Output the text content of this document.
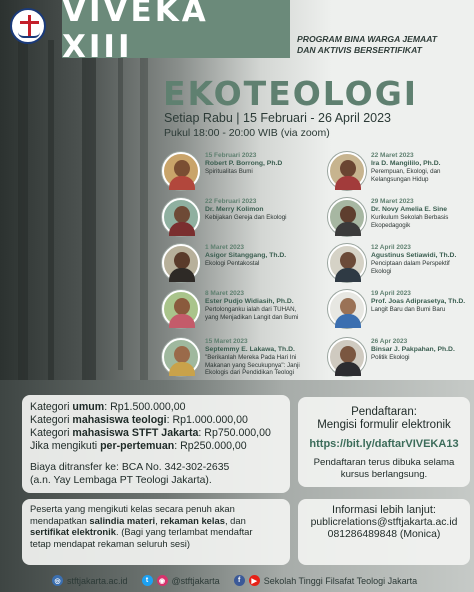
VIVEKA XIII	PROGRAM BINA WARGA JEMAAT
DAN AKTIVIS BERSERTIFIKAT
EKOTEOLOGI
Setiap Rabu | 15 Februari - 26 April 2023
Pukul 18:00 - 20:00 WIB (via zoom)
15 Februari 2023
Robert P. Borrong, Ph.D
Spiritualitas Bumi
22 Februari 2023
Dr. Merry Kolimon
Kebijakan Gereja dan Ekologi
1 Maret 2023
Asigor Sitanggang, Th.D.
Ekologi Pentakostal
8 Maret 2023
Ester Pudjo Widiasih, Ph.D.
Pertolonganku ialah dari TUHAN,
yang Menjadikan Langit dan Bumi
15 Maret 2023
Septemmy E. Lakawa, Th.D.
"Berikanlah Mereka Pada Hari Ini
Makanan yang Secukupnya": Janji
Ekologis dari Pendidikan Teologi
22 Maret 2023
Ira D. Mangililo, Ph.D.
Perempuan, Ekologi, dan
Kelangsungan Hidup
29 Maret 2023
Dr. Novy Amelia E. Sine
Kurikulum Sekolah Berbasis
Ekopedagogik
12 April 2023
Agustinus Setiawidi, Th.D.
Penciptaan dalam Perspektif
Ekologi
19 April 2023
Prof. Joas Adiprasetya, Th.D.
Langit Baru dan Bumi Baru
26 Apr 2023
Binsar J. Pakpahan, Ph.D.
Politik Ekologi
Kategori umum: Rp1.500.000,00
Kategori mahasiswa teologi: Rp1.000.000,00
Kategori mahasiswa STFT Jakarta: Rp750.000,00
Jika mengikuti per-pertemuan: Rp250.000,00
Biaya ditransfer ke: BCA No. 342-302-2635
(a.n. Yay Lembaga PT Teologi Jakarta).
Pendaftaran:
Mengisi formulir elektronik
https://bit.ly/daftarVIVEKA13
Pendaftaran terus dibuka selama
kursus berlangsung.
Peserta yang mengikuti kelas secara penuh akan
mendapatkan salindia materi, rekaman kelas, dan
sertifikat elektronik. (Bagi yang terlambat mendaftar
tetap mendapat rekaman seluruh sesi)
Informasi lebih lanjut:
publicrelations@stftjakarta.ac.id
081286489848 (Monica)
◎ stftjakarta.ac.id	t	◉ @stftjakarta	f	▶ Sekolah Tinggi Filsafat Teologi Jakarta
